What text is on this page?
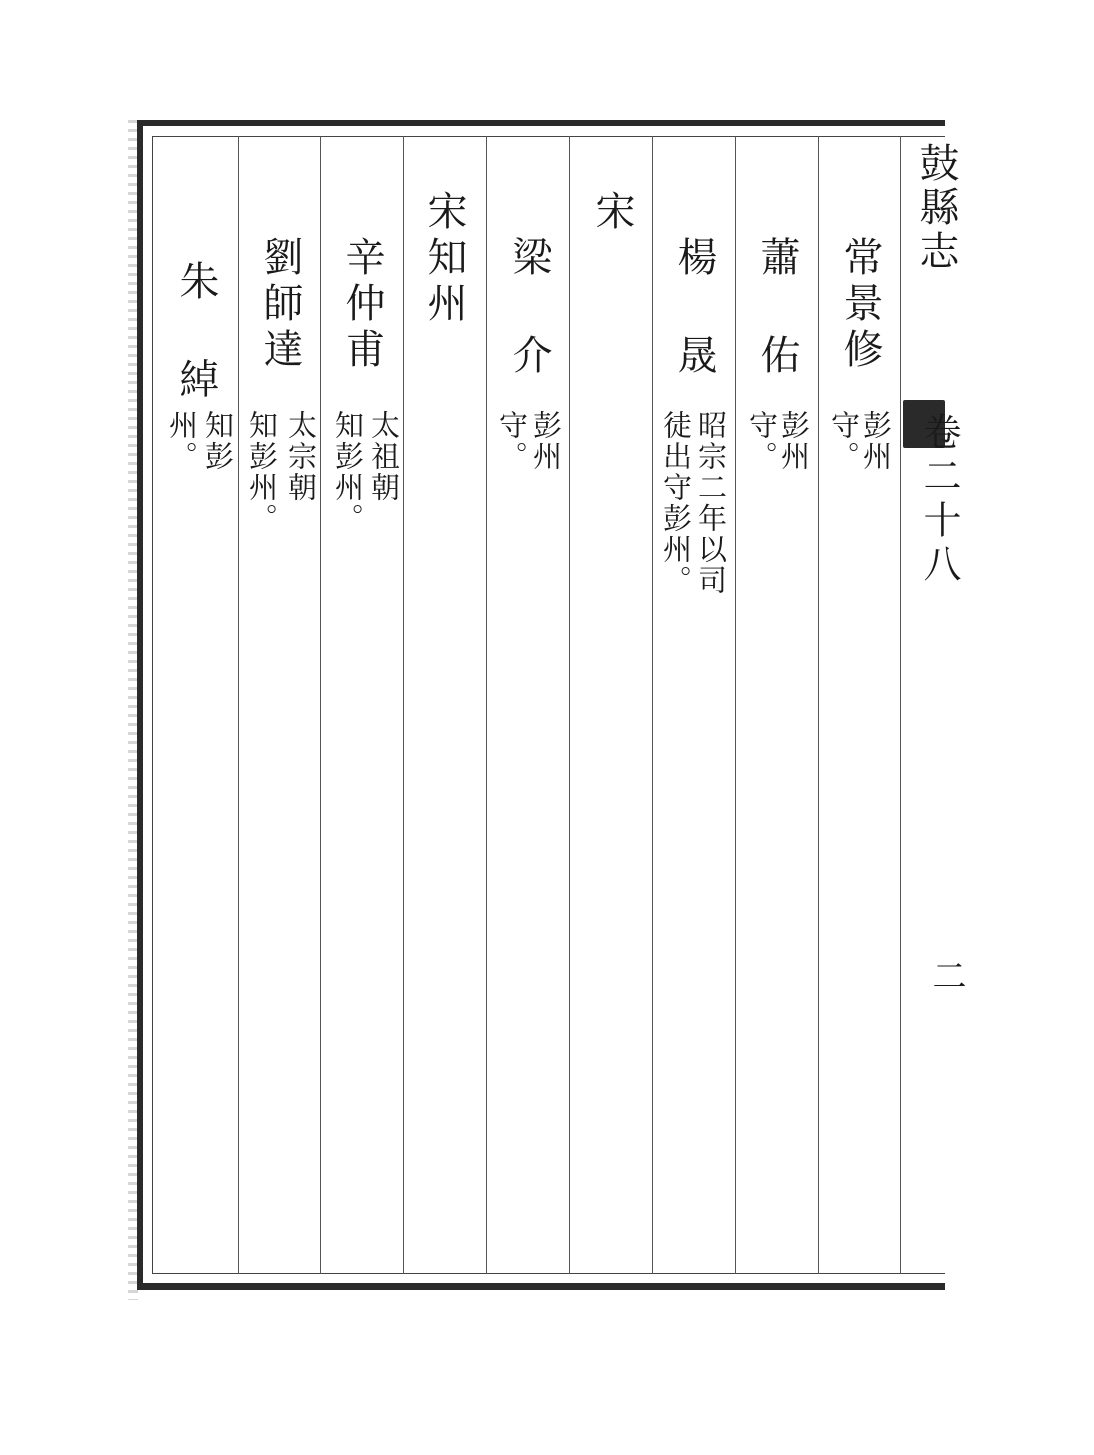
鼓縣志
卷二十八
二
常景修
彭州
守。
蕭 佑
彭州
守。
楊 晟
昭宗二年以司
徒出守彭州。
宋
梁 介
彭州
守。
宋知州
辛仲甫
太祖朝
知彭州。
劉師達
太宗朝
知彭州。
朱 綽
知彭
州。
